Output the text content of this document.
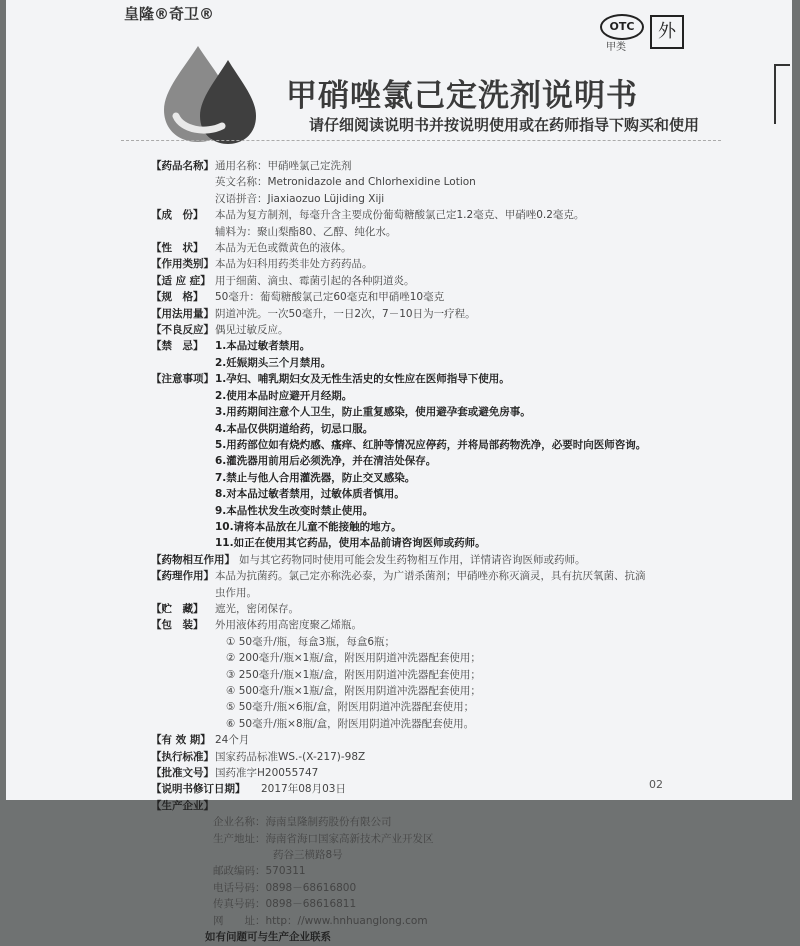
皇隆®奇卫®
OTC
甲类
外
甲硝唑氯己定洗剂说明书
请仔细阅读说明书并按说明使用或在药师指导下购买和使用
【药品名称】 通用名称：甲硝唑氯己定洗剂
英文名称：Metronidazole and Chlorhexidine Lotion
汉语拼音：Jiaxiaozuo Lüjiding Xiji
【成　份】	本品为复方制剂，每毫升含主要成份葡萄糖酸氯己定1.2毫克、甲硝唑0.2毫克。
辅料为：聚山梨酯80、乙醇、纯化水。
【性　状】	本品为无色或微黄色的液体。
【作用类别】 本品为妇科用药类非处方药药品。
【适 应 症】 用于细菌、滴虫、霉菌引起的各种阴道炎。
【规　格】	50毫升：葡萄糖酸氯己定60毫克和甲硝唑10毫克
【用法用量】 阴道冲洗。一次50毫升，一日2次，7－10日为一疗程。
【不良反应】 偶见过敏反应。
【禁　忌】	1.本品过敏者禁用。
2.妊娠期头三个月禁用。
【注意事项】 1.孕妇、哺乳期妇女及无性生活史的女性应在医师指导下使用。
2.使用本品时应避开月经期。
3.用药期间注意个人卫生，防止重复感染，使用避孕套或避免房事。
4.本品仅供阴道给药，切忌口服。
5.用药部位如有烧灼感、瘙痒、红肿等情况应停药，并将局部药物洗净，必要时向医师咨询。
6.灌洗器用前用后必须洗净，并在清洁处保存。
7.禁止与他人合用灌洗器，防止交叉感染。
8.对本品过敏者禁用，过敏体质者慎用。
9.本品性状发生改变时禁止使用。
10.请将本品放在儿童不能接触的地方。
11.如正在使用其它药品，使用本品前请咨询医师或药师。
【药物相互作用】 如与其它药物同时使用可能会发生药物相互作用，详情请咨询医师或药师。
【药理作用】 本品为抗菌药。氯己定亦称洗必泰，为广谱杀菌剂；甲硝唑亦称灭滴灵，具有抗厌氧菌、抗滴
虫作用。
【贮　藏】	遮光，密闭保存。
【包　装】	外用液体药用高密度聚乙烯瓶。
① 50毫升/瓶，每盒3瓶，每盒6瓶；
② 200毫升/瓶×1瓶/盒，附医用阴道冲洗器配套使用；
③ 250毫升/瓶×1瓶/盒，附医用阴道冲洗器配套使用；
④ 500毫升/瓶×1瓶/盒，附医用阴道冲洗器配套使用；
⑤ 50毫升/瓶×6瓶/盒，附医用阴道冲洗器配套使用；
⑥ 50毫升/瓶×8瓶/盒，附医用阴道冲洗器配套使用。
【有 效 期】 24个月
【执行标准】 国家药品标准WS.-(X-217)-98Z
【批准文号】 国药准字H20055747
【说明书修订日期】	2017年08月03日
【生产企业】
企业名称：海南皇隆制药股份有限公司
生产地址：海南省海口国家高新技术产业开发区
药谷三横路8号
邮政编码：570311
电话号码：0898－68616800
传真号码：0898－68616811
网　　址：http：//www.hnhuanglong.com
如有问题可与生产企业联系
02
